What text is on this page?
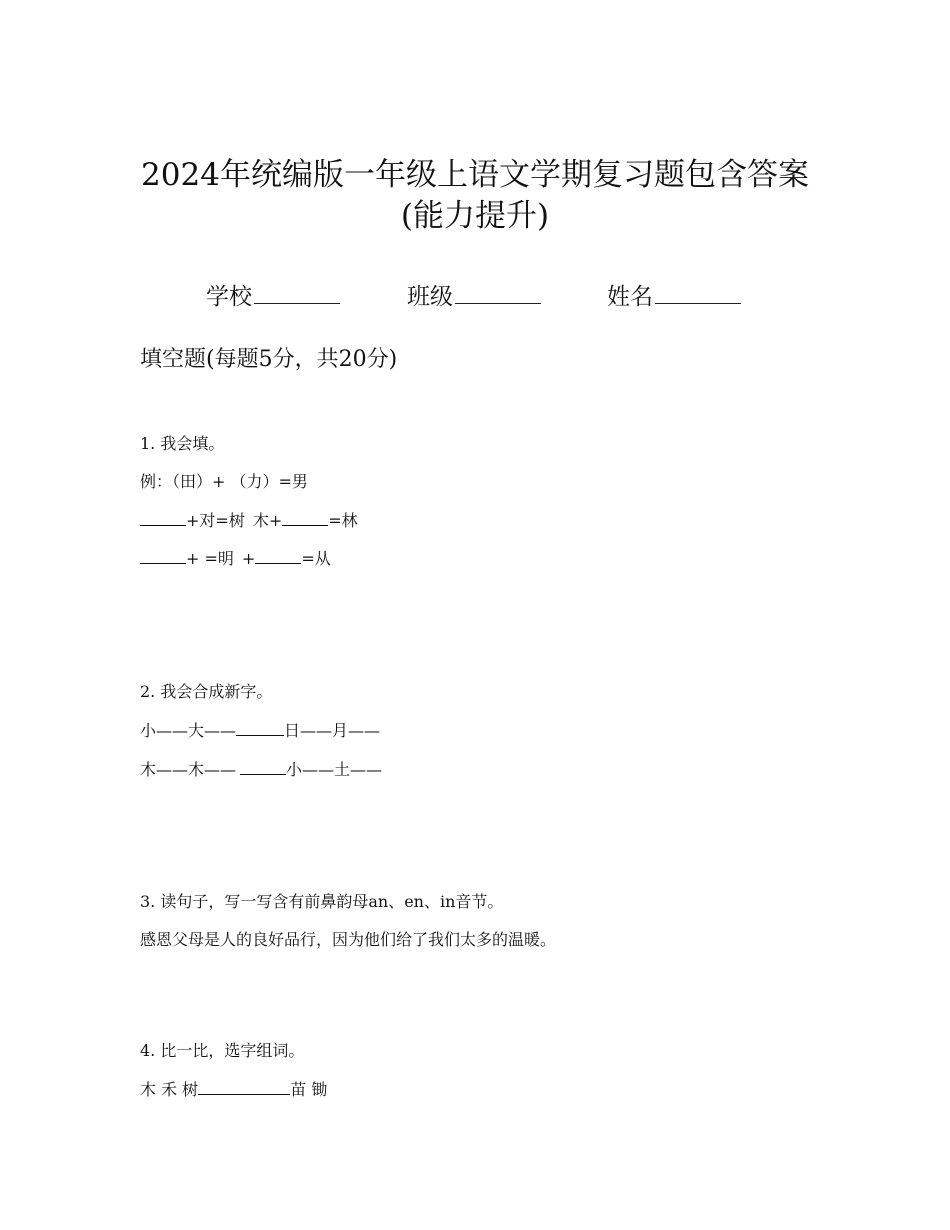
2024年统编版一年级上语文学期复习题包含答案
(能力提升)
学校	班级	姓名
填空题(每题5分，共20分)
1. 我会填。
例：（田）+ （力）=男
+对=树 木+	=林
+ =明 +	=从
2. 我会合成新字。
小——大——	日——月——
木——木——	小——土——
3. 读句子，写一写含有前鼻韵母an、en、in音节。
感恩父母是人的良好品行，因为他们给了我们太多的温暖。
4. 比一比，选字组词。
木 禾 树	苗 锄
